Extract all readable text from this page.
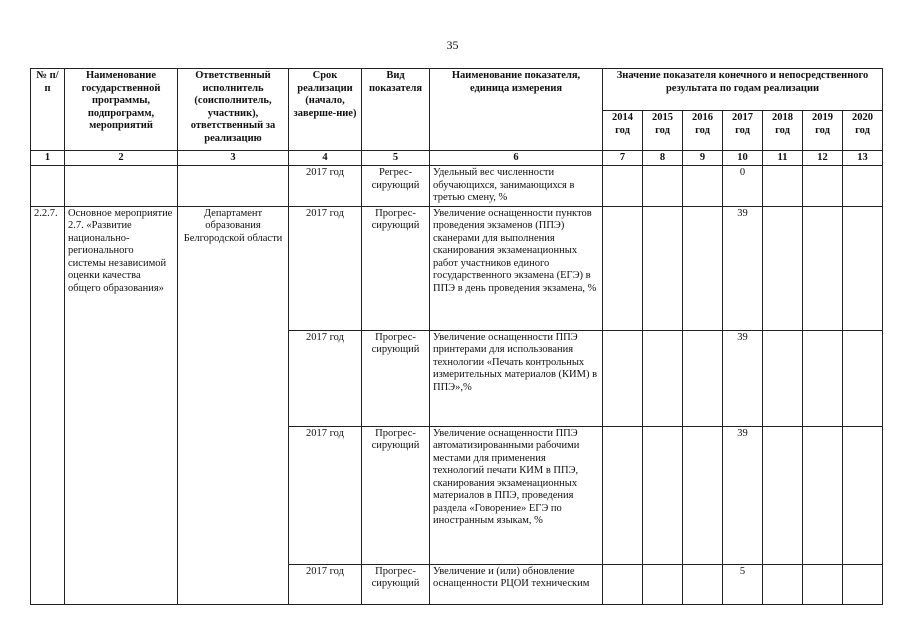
35
№ п/п	Наименование государственной программы, подпрограмм, мероприятий	Ответственный исполнитель (соисполнитель, участник), ответственный за реализацию	Срок реализации (начало, заверше-ние)	Вид показателя	Наименование показателя, единица измерения	Значение показателя конечного и непосредственного результата по годам реализации						
						2014 год	2015 год	2016 год	2017 год	2018 год	2019 год	2020 год
1	2	3	4	5	6	7	8	9	10	11	12	13
			2017 год	Регрес-сирующий	Удельный вес численности обучающихся, занимающихся в третью смену, %				0			
2.2.7.	Основное мероприятие 2.7. «Развитие национально-регионального системы независимой оценки качества общего образования»	Департамент образования Белгородской области	2017 год	Прогрес-сирующий	Увеличение оснащенности пунктов проведения экзаменов (ППЭ) сканерами для выполнения сканирования экзаменационных работ участников единого государственного экзамена (ЕГЭ) в ППЭ в день проведения экзамена, %				39			
			2017 год	Прогрес-сирующий	Увеличение оснащенности ППЭ принтерами для использования технологии «Печать контрольных измерительных материалов (КИМ) в ППЭ»,%				39			
			2017 год	Прогрес-сирующий	Увеличение оснащенности ППЭ автоматизированными рабочими местами для применения технологий печати КИМ в ППЭ, сканирования экзаменационных материалов в ППЭ, проведения раздела «Говорение» ЕГЭ по иностранным языкам, %				39			
			2017 год	Прогрес-сирующий	Увеличение и (или) обновление оснащенности РЦОИ техническим				5			
